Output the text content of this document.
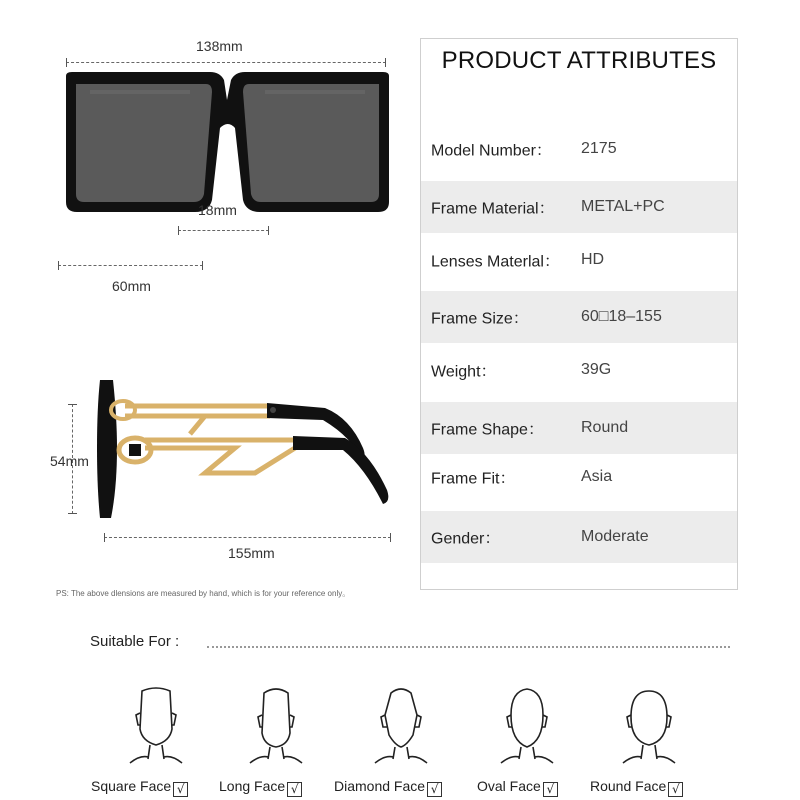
138mm
18mm
60mm
54mm
155mm
PS: The above dlensions are measured by hand, which is for your reference only。
PRODUCT ATTRIBUTES
Model Number： 2175
Frame Material： METAL+PC
Lenses Materlal： HD
Frame Size：	60□18–155
Weight：	39G
Frame Shape： Round
Frame Fit：	Asia
Gender：	Moderate
Suitable For :
Square Face √ Long Face √	Diamond Face √	Oval Face √	Round Face √
